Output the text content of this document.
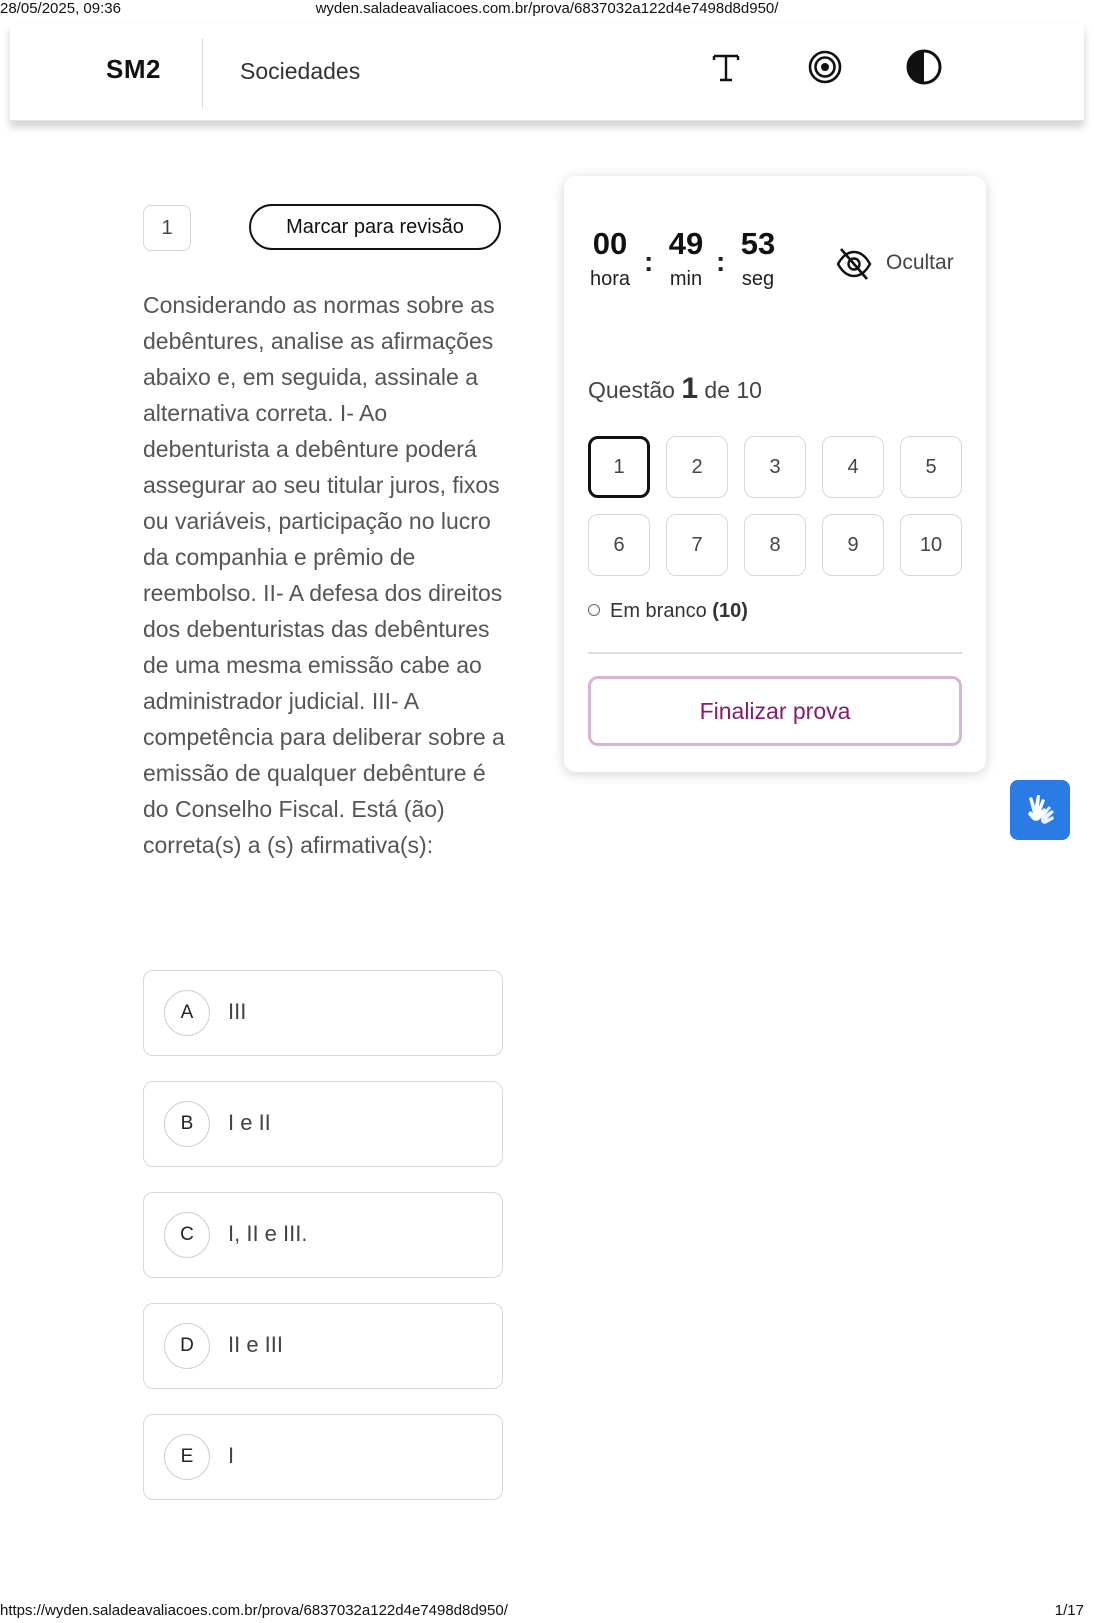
28/05/2025, 09:36	wyden.saladeavaliacoes.com.br/prova/6837032a122d4e7498d8d950/
SM2	Sociedades
1	Marcar para revisão
Considerando as normas sobre as debêntures, analise as afirmações abaixo e, em seguida, assinale a alternativa correta. I- Ao debenturista a debênture poderá assegurar ao seu titular juros, fixos ou variáveis, participação no lucro da companhia e prêmio de reembolso. II- A defesa dos direitos dos debenturistas das debêntures de uma mesma emissão cabe ao administrador judicial. III- A competência para deliberar sobre a emissão de qualquer debênture é do Conselho Fiscal. Está (ão) correta(s) a (s) afirmativa(s):
A	III
B	I e II
C	I, II e III.
D	II e III
E	I
00
hora
:
49
min
:
53
seg
Ocultar
Questão 1 de 10
1	2	3	4	5
6	7	8	9	10
Em branco (10)
Finalizar prova
https://wyden.saladeavaliacoes.com.br/prova/6837032a122d4e7498d8d950/	1/17
